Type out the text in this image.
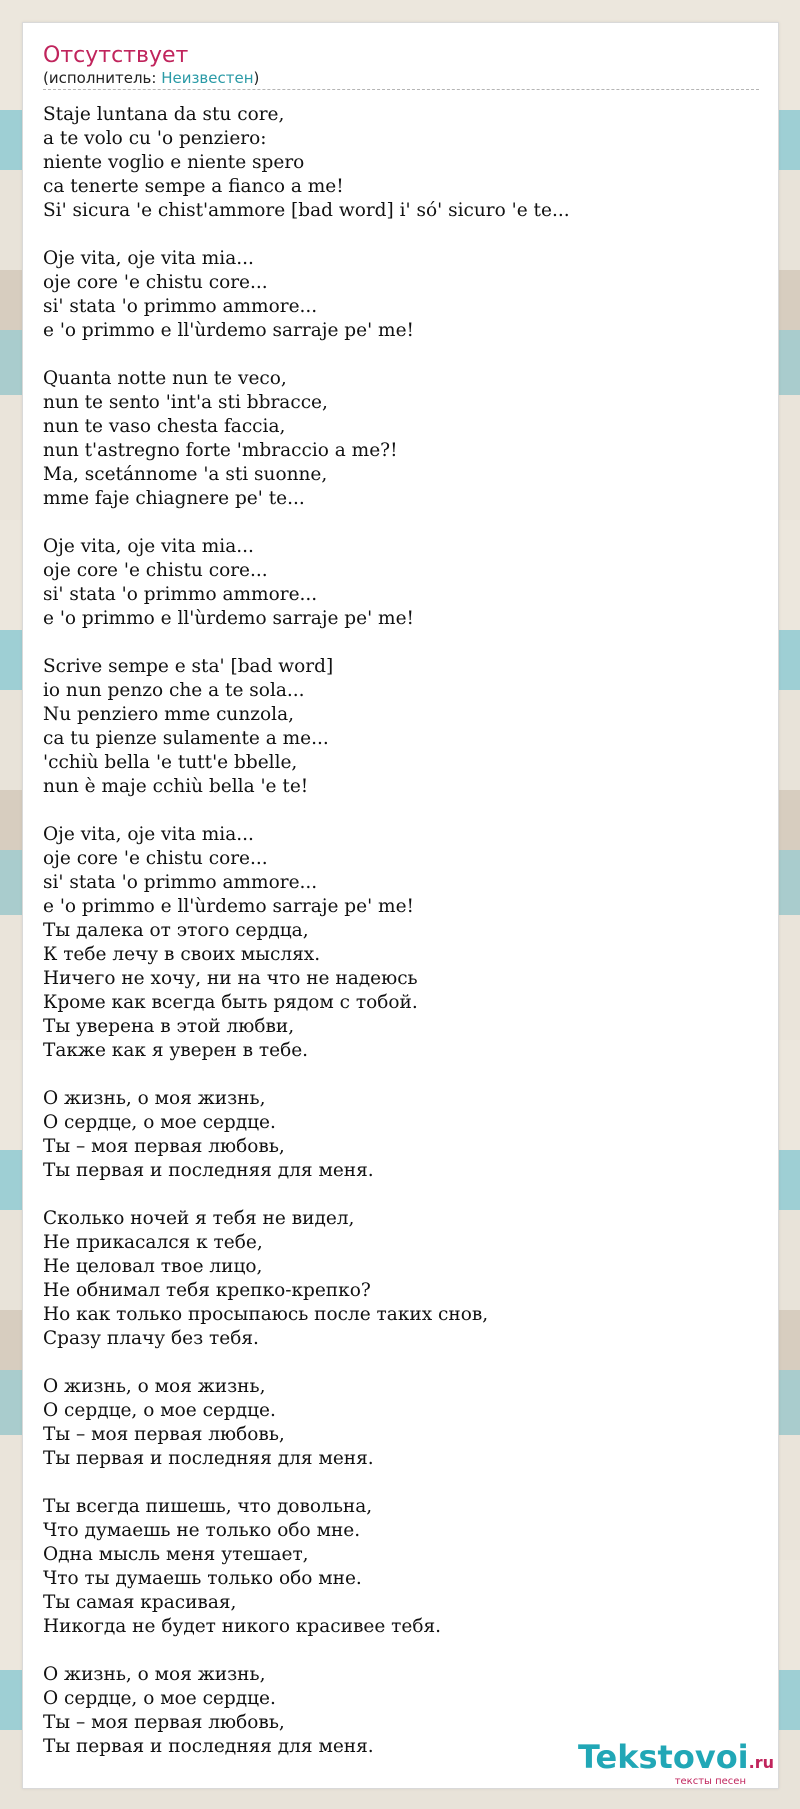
Отсутствует
(исполнитель: Неизвестен)
Staje luntana da stu core,
a te volo cu 'o penziero:
niente voglio e niente spero
ca tenerte sempe a fianco a me!
Si' sicura 'e chist'ammore [bad word] i' só' sicuro 'e te...
Oje vita, oje vita mia...
oje core 'e chistu core...
si' stata 'o primmo ammore...
e 'o primmo e ll'ùrdemo sarraje pe' me!
Quanta notte nun te veco,
nun te sento 'int'a sti bbracce,
nun te vaso chesta faccia,
nun t'astregno forte 'mbraccio a me?!
Ma, scetánnome 'a sti suonne,
mme faje chiagnere pe' te...
Oje vita, oje vita mia...
oje core 'e chistu core...
si' stata 'o primmo ammore...
e 'o primmo e ll'ùrdemo sarraje pe' me!
Scrive sempe e sta' [bad word]
io nun penzo che a te sola...
Nu penziero mme cunzola,
ca tu pienze sulamente a me...
'cchiù bella 'e tutt'e bbelle,
nun è maje cchiù bella 'e te!
Oje vita, oje vita mia...
oje core 'e chistu core...
si' stata 'o primmo ammore...
e 'o primmo e ll'ùrdemo sarraje pe' me!
Ты далека от этого сердца,
К тебе лечу в своих мыслях.
Ничего не хочу, ни на что не надеюсь
Кроме как всегда быть рядом с тобой.
Ты уверена в этой любви,
Также как я уверен в тебе.
О жизнь, о моя жизнь,
О сердце, о мое сердце.
Ты – моя первая любовь,
Ты первая и последняя для меня.
Сколько ночей я тебя не видел,
Не прикасался к тебе,
Не целовал твое лицо,
Не обнимал тебя крепко-крепко?
Но как только просыпаюсь после таких снов,
Сразу плачу без тебя.
О жизнь, о моя жизнь,
О сердце, о мое сердце.
Ты – моя первая любовь,
Ты первая и последняя для меня.
Ты всегда пишешь, что довольна,
Что думаешь не только обо мне.
Одна мысль меня утешает,
Что ты думаешь только обо мне.
Ты самая красивая,
Никогда не будет никого красивее тебя.
О жизнь, о моя жизнь,
О сердце, о мое сердце.
Ты – моя первая любовь,
Ты первая и последняя для меня.	Tekstovoi.ru
тексты песен
